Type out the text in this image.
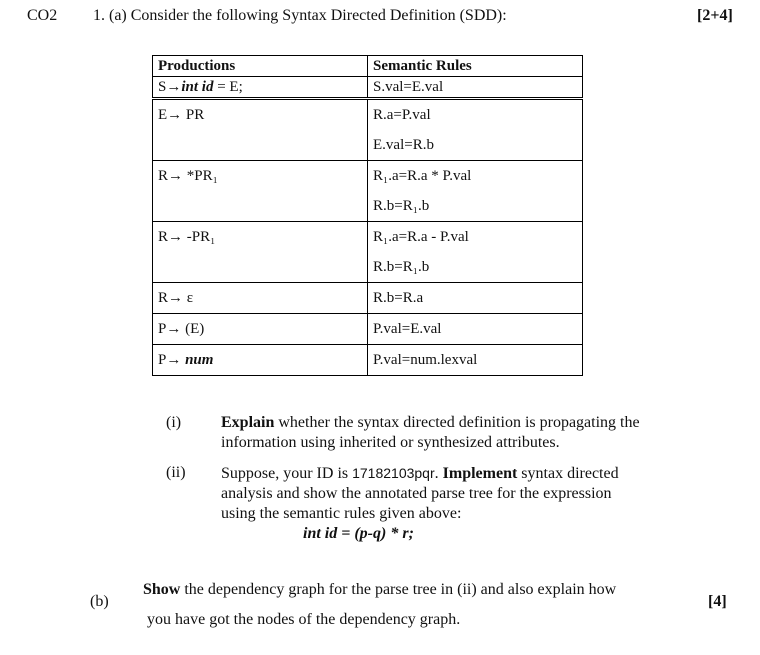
CO2 1. (a) Consider the following Syntax Directed Definition (SDD):	[2+4]
Productions	Semantic Rules
S→int id = E;	S.val=E.val

E→ PR	R.a=P.val
E.val=R.b

R→ *PR₁	R₁.a=R.a * P.val
R.b=R₁.b

R→ -PR₁	R₁.a=R.a - P.val
R.b=R₁.b

R→ ε	R.b=R.a
P→ (E)	P.val=E.val
P→ num	P.val=num.lexval
(i) Explain whether the syntax directed definition is propagating the
information using inherited or synthesized attributes.
(ii) Suppose, your ID is 17182103pqr. Implement syntax directed
analysis and show the annotated parse tree for the expression
using the semantic rules given above:
int id = (p-q) * r;
(b)
Show the dependency graph for the parse tree in (ii) and also explain how
you have got the nodes of the dependency graph.
[4]
